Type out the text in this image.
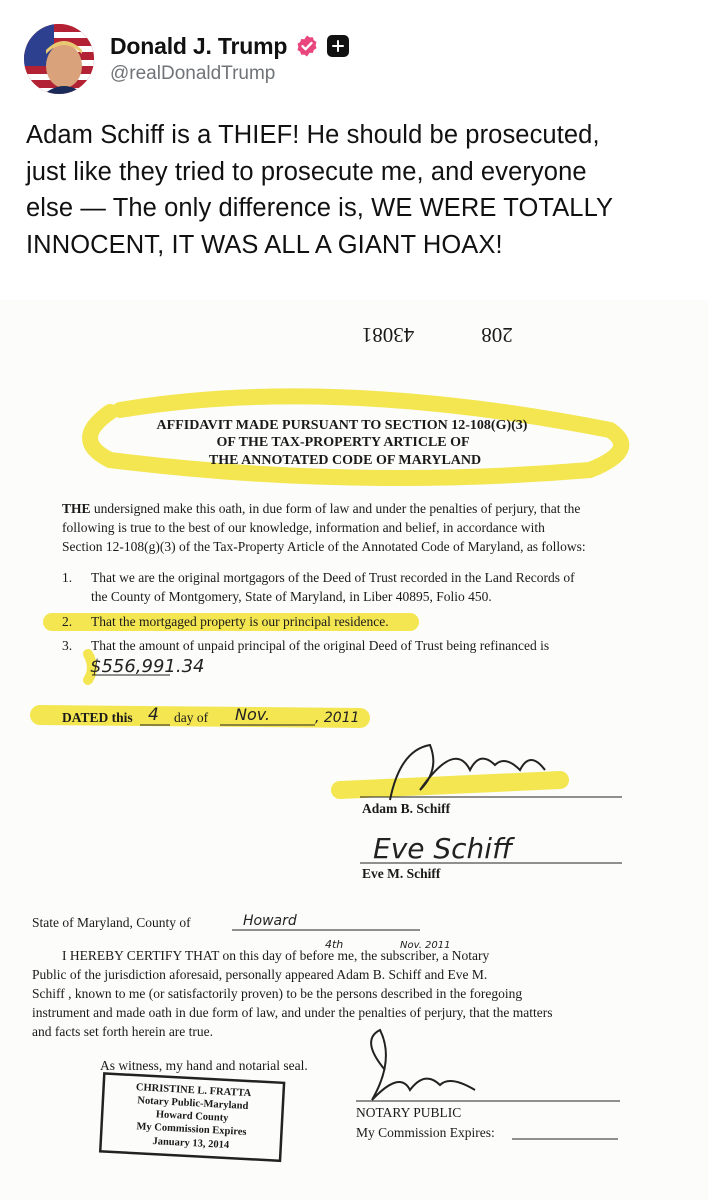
Donald J. Trump
@realDonaldTrump
Adam Schiff is a THIEF! He should be prosecuted,
just like they tried to prosecute me, and everyone
else — The only difference is, WE WERE TOTALLY
INNOCENT, IT WAS ALL A GIANT HOAX!
43081	208
AFFIDAVIT MADE PURSUANT TO SECTION 12-108(G)(3)
OF THE TAX-PROPERTY ARTICLE OF
THE ANNOTATED CODE OF MARYLAND
THE undersigned make this oath, in due form of law and under the penalties of perjury, that the
following is true to the best of our knowledge, information and belief, in accordance with
Section 12-108(g)(3) of the Tax-Property Article of the Annotated Code of Maryland, as follows:
1. That we are the original mortgagors of the Deed of Trust recorded in the Land Records of
the County of Montgomery, State of Maryland, in Liber 40895, Folio 450.
2. That the mortgaged property is our principal residence.
3. That the amount of unpaid principal of the original Deed of Trust being refinanced is
$556,991.34
DATED this 4 day of Nov.	, 2011
Adam B. Schiff
Eve Schiff
Eve M. Schiff
State of Maryland, County of	Howard
I HEREBY CERTIFY THAT on this day of before me, the subscriber, a Notary
4th	Nov. 2011
Public of the jurisdiction aforesaid, personally appeared Adam B. Schiff and Eve M.
Schiff , known to me (or satisfactorily proven) to be the persons described in the foregoing
instrument and made oath in due form of law, and under the penalties of perjury, that the matters
and facts set forth herein are true.
As witness, my hand and notarial seal.
CHRISTINE L. FRATTA
Notary Public-Maryland
Howard County
My Commission Expires
January 13, 2014
NOTARY PUBLIC
My Commission Expires:
